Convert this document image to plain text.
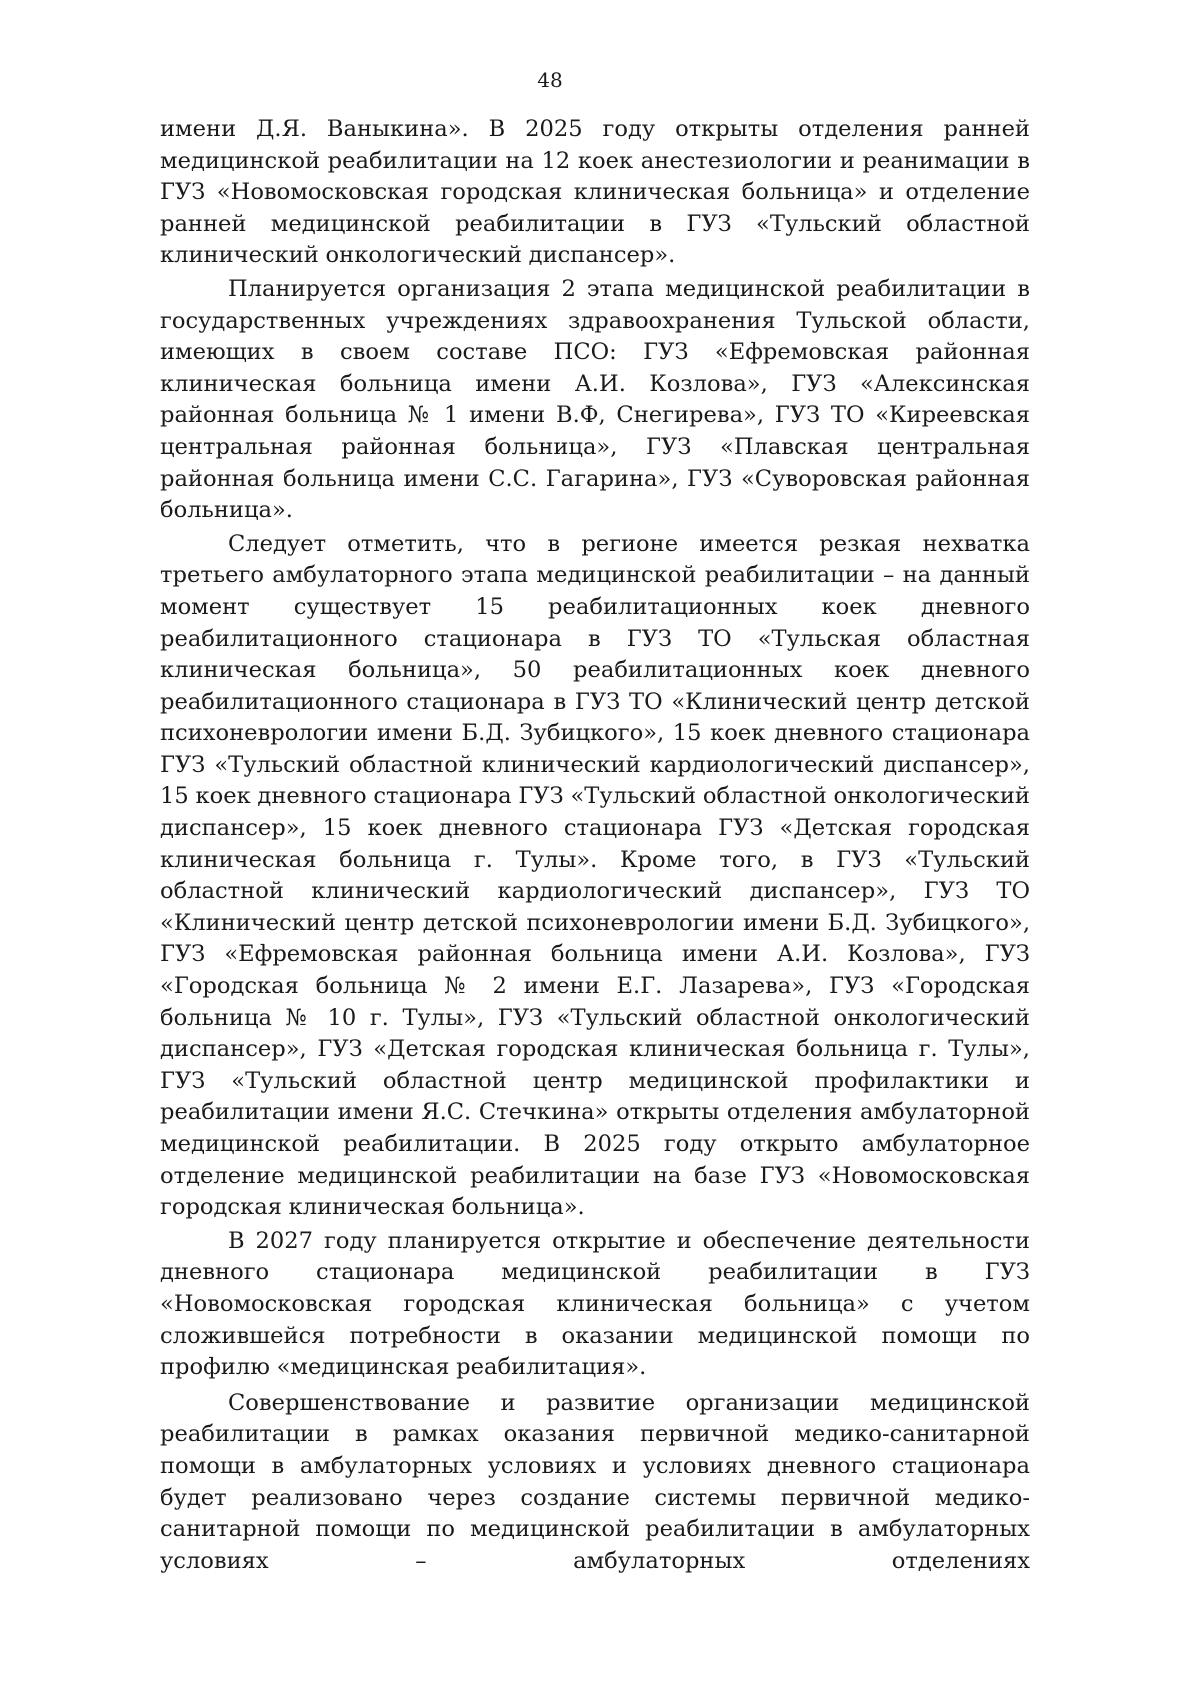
48

имени Д.Я. Ваныкина». В 2025 году открыты отделения ранней медицинской реабилитации на 12 коек анестезиологии и реанимации в ГУЗ «Новомосковская городская клиническая больница» и отделение ранней медицинской реабилитации в ГУЗ «Тульский областной клинический онкологический диспансер».

Планируется организация 2 этапа медицинской реабилитации в государственных учреждениях здравоохранения Тульской области, имеющих в своем составе ПСО: ГУЗ «Ефремовская районная клиническая больница имени А.И. Козлова», ГУЗ «Алексинская районная больница № 1 имени В.Ф, Снегирева», ГУЗ ТО «Киреевская центральная районная больница», ГУЗ «Плавская центральная районная больница имени С.С. Гагарина», ГУЗ «Суворовская районная больница».

Следует отметить, что в регионе имеется резкая нехватка третьего амбулаторного этапа медицинской реабилитации – на данный момент существует 15 реабилитационных коек дневного реабилитационного стационара в ГУЗ ТО «Тульская областная клиническая больница», 50 реабилитационных коек дневного реабилитационного стационара в ГУЗ ТО «Клинический центр детской психоневрологии имени Б.Д. Зубицкого», 15 коек дневного стационара ГУЗ «Тульский областной клинический кардиологический диспансер», 15 коек дневного стационара ГУЗ «Тульский областной онкологический диспансер», 15 коек дневного стационара ГУЗ «Детская городская клиническая больница г. Тулы». Кроме того, в ГУЗ «Тульский областной клинический кардиологический диспансер», ГУЗ ТО «Клинический центр детской психоневрологии имени Б.Д. Зубицкого», ГУЗ «Ефремовская районная больница имени А.И. Козлова», ГУЗ «Городская больница № 2 имени Е.Г. Лазарева», ГУЗ «Городская больница № 10 г. Тулы», ГУЗ «Тульский областной онкологический диспансер», ГУЗ «Детская городская клиническая больница г. Тулы», ГУЗ «Тульский областной центр медицинской профилактики и реабилитации имени Я.С. Стечкина» открыты отделения амбулаторной медицинской реабилитации. В 2025 году открыто амбулаторное отделение медицинской реабилитации на базе ГУЗ «Новомосковская городская клиническая больница».

В 2027 году планируется открытие и обеспечение деятельности дневного стационара медицинской реабилитации в ГУЗ «Новомосковская городская клиническая больница» с учетом сложившейся потребности в оказании медицинской помощи по профилю «медицинская реабилитация».

Совершенствование и развитие организации медицинской реабилитации в рамках оказания первичной медико-санитарной помощи в амбулаторных условиях и условиях дневного стационара будет реализовано через создание системы первичной медико-санитарной помощи по медицинской реабилитации в амбулаторных условиях – амбулаторных отделениях
